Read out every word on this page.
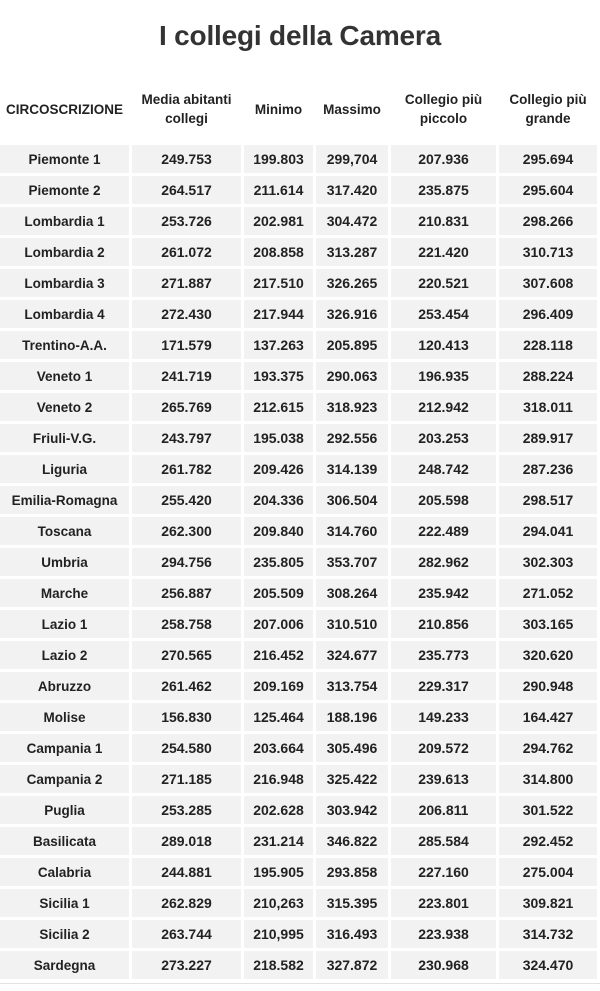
I collegi della Camera
CIRCOSCRIZIONE	Media abitanti collegi	Minimo	Massimo	Collegio più piccolo	Collegio più grande
Piemonte 1	249.753	199.803	299,704	207.936	295.694
Piemonte 2	264.517	211.614	317.420	235.875	295.604
Lombardia 1	253.726	202.981	304.472	210.831	298.266
Lombardia 2	261.072	208.858	313.287	221.420	310.713
Lombardia 3	271.887	217.510	326.265	220.521	307.608
Lombardia 4	272.430	217.944	326.916	253.454	296.409
Trentino-A.A.	171.579	137.263	205.895	120.413	228.118
Veneto 1	241.719	193.375	290.063	196.935	288.224
Veneto 2	265.769	212.615	318.923	212.942	318.011
Friuli-V.G.	243.797	195.038	292.556	203.253	289.917
Liguria	261.782	209.426	314.139	248.742	287.236
Emilia-Romagna	255.420	204.336	306.504	205.598	298.517
Toscana	262.300	209.840	314.760	222.489	294.041
Umbria	294.756	235.805	353.707	282.962	302.303
Marche	256.887	205.509	308.264	235.942	271.052
Lazio 1	258.758	207.006	310.510	210.856	303.165
Lazio 2	270.565	216.452	324.677	235.773	320.620
Abruzzo	261.462	209.169	313.754	229.317	290.948
Molise	156.830	125.464	188.196	149.233	164.427
Campania 1	254.580	203.664	305.496	209.572	294.762
Campania 2	271.185	216.948	325.422	239.613	314.800
Puglia	253.285	202.628	303.942	206.811	301.522
Basilicata	289.018	231.214	346.822	285.584	292.452
Calabria	244.881	195.905	293.858	227.160	275.004
Sicilia 1	262.829	210,263	315.395	223.801	309.821
Sicilia 2	263.744	210,995	316.493	223.938	314.732
Sardegna	273.227	218.582	327.872	230.968	324.470
